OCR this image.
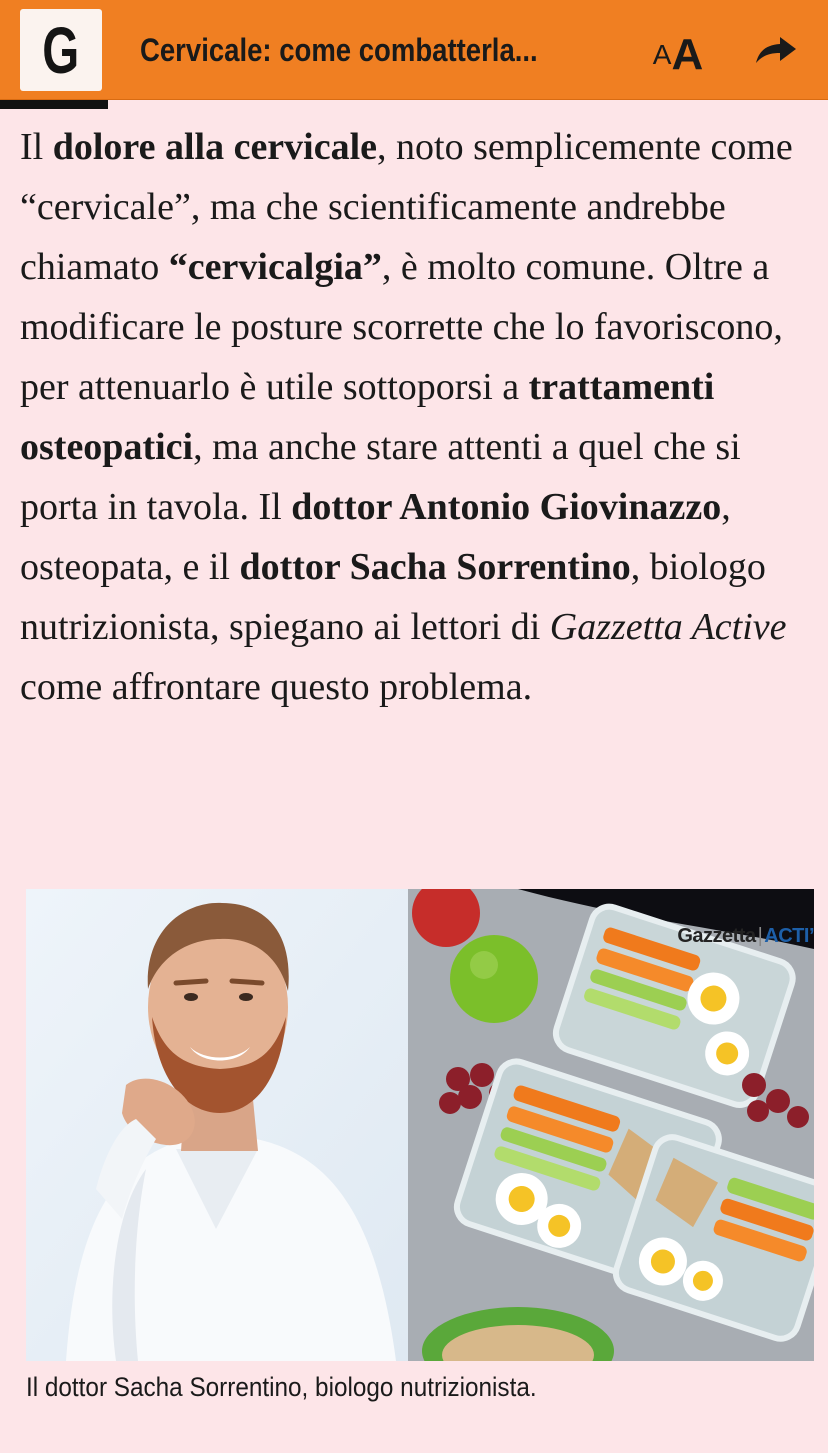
G Cervicale: come combatterla...	A A

Il dolore alla cervicale, noto semplicemente come “cervicale”, ma che scientificamente andrebbe chiamato “cervicalgia”, è molto comune. Oltre a modificare le posture scorrette che lo favoriscono, per attenuarlo è utile sottoporsi a trattamenti osteopatici, ma anche stare attenti a quel che si porta in tavola. Il dottor Antonio Giovinazzo, osteopata, e il dottor Sacha Sorrentino, biologo nutrizionista, spiegano ai lettori di Gazzetta Active come affrontare questo problema.

Gazzetta | ACTI’
Il dottor Sacha Sorrentino, biologo nutrizionista.
